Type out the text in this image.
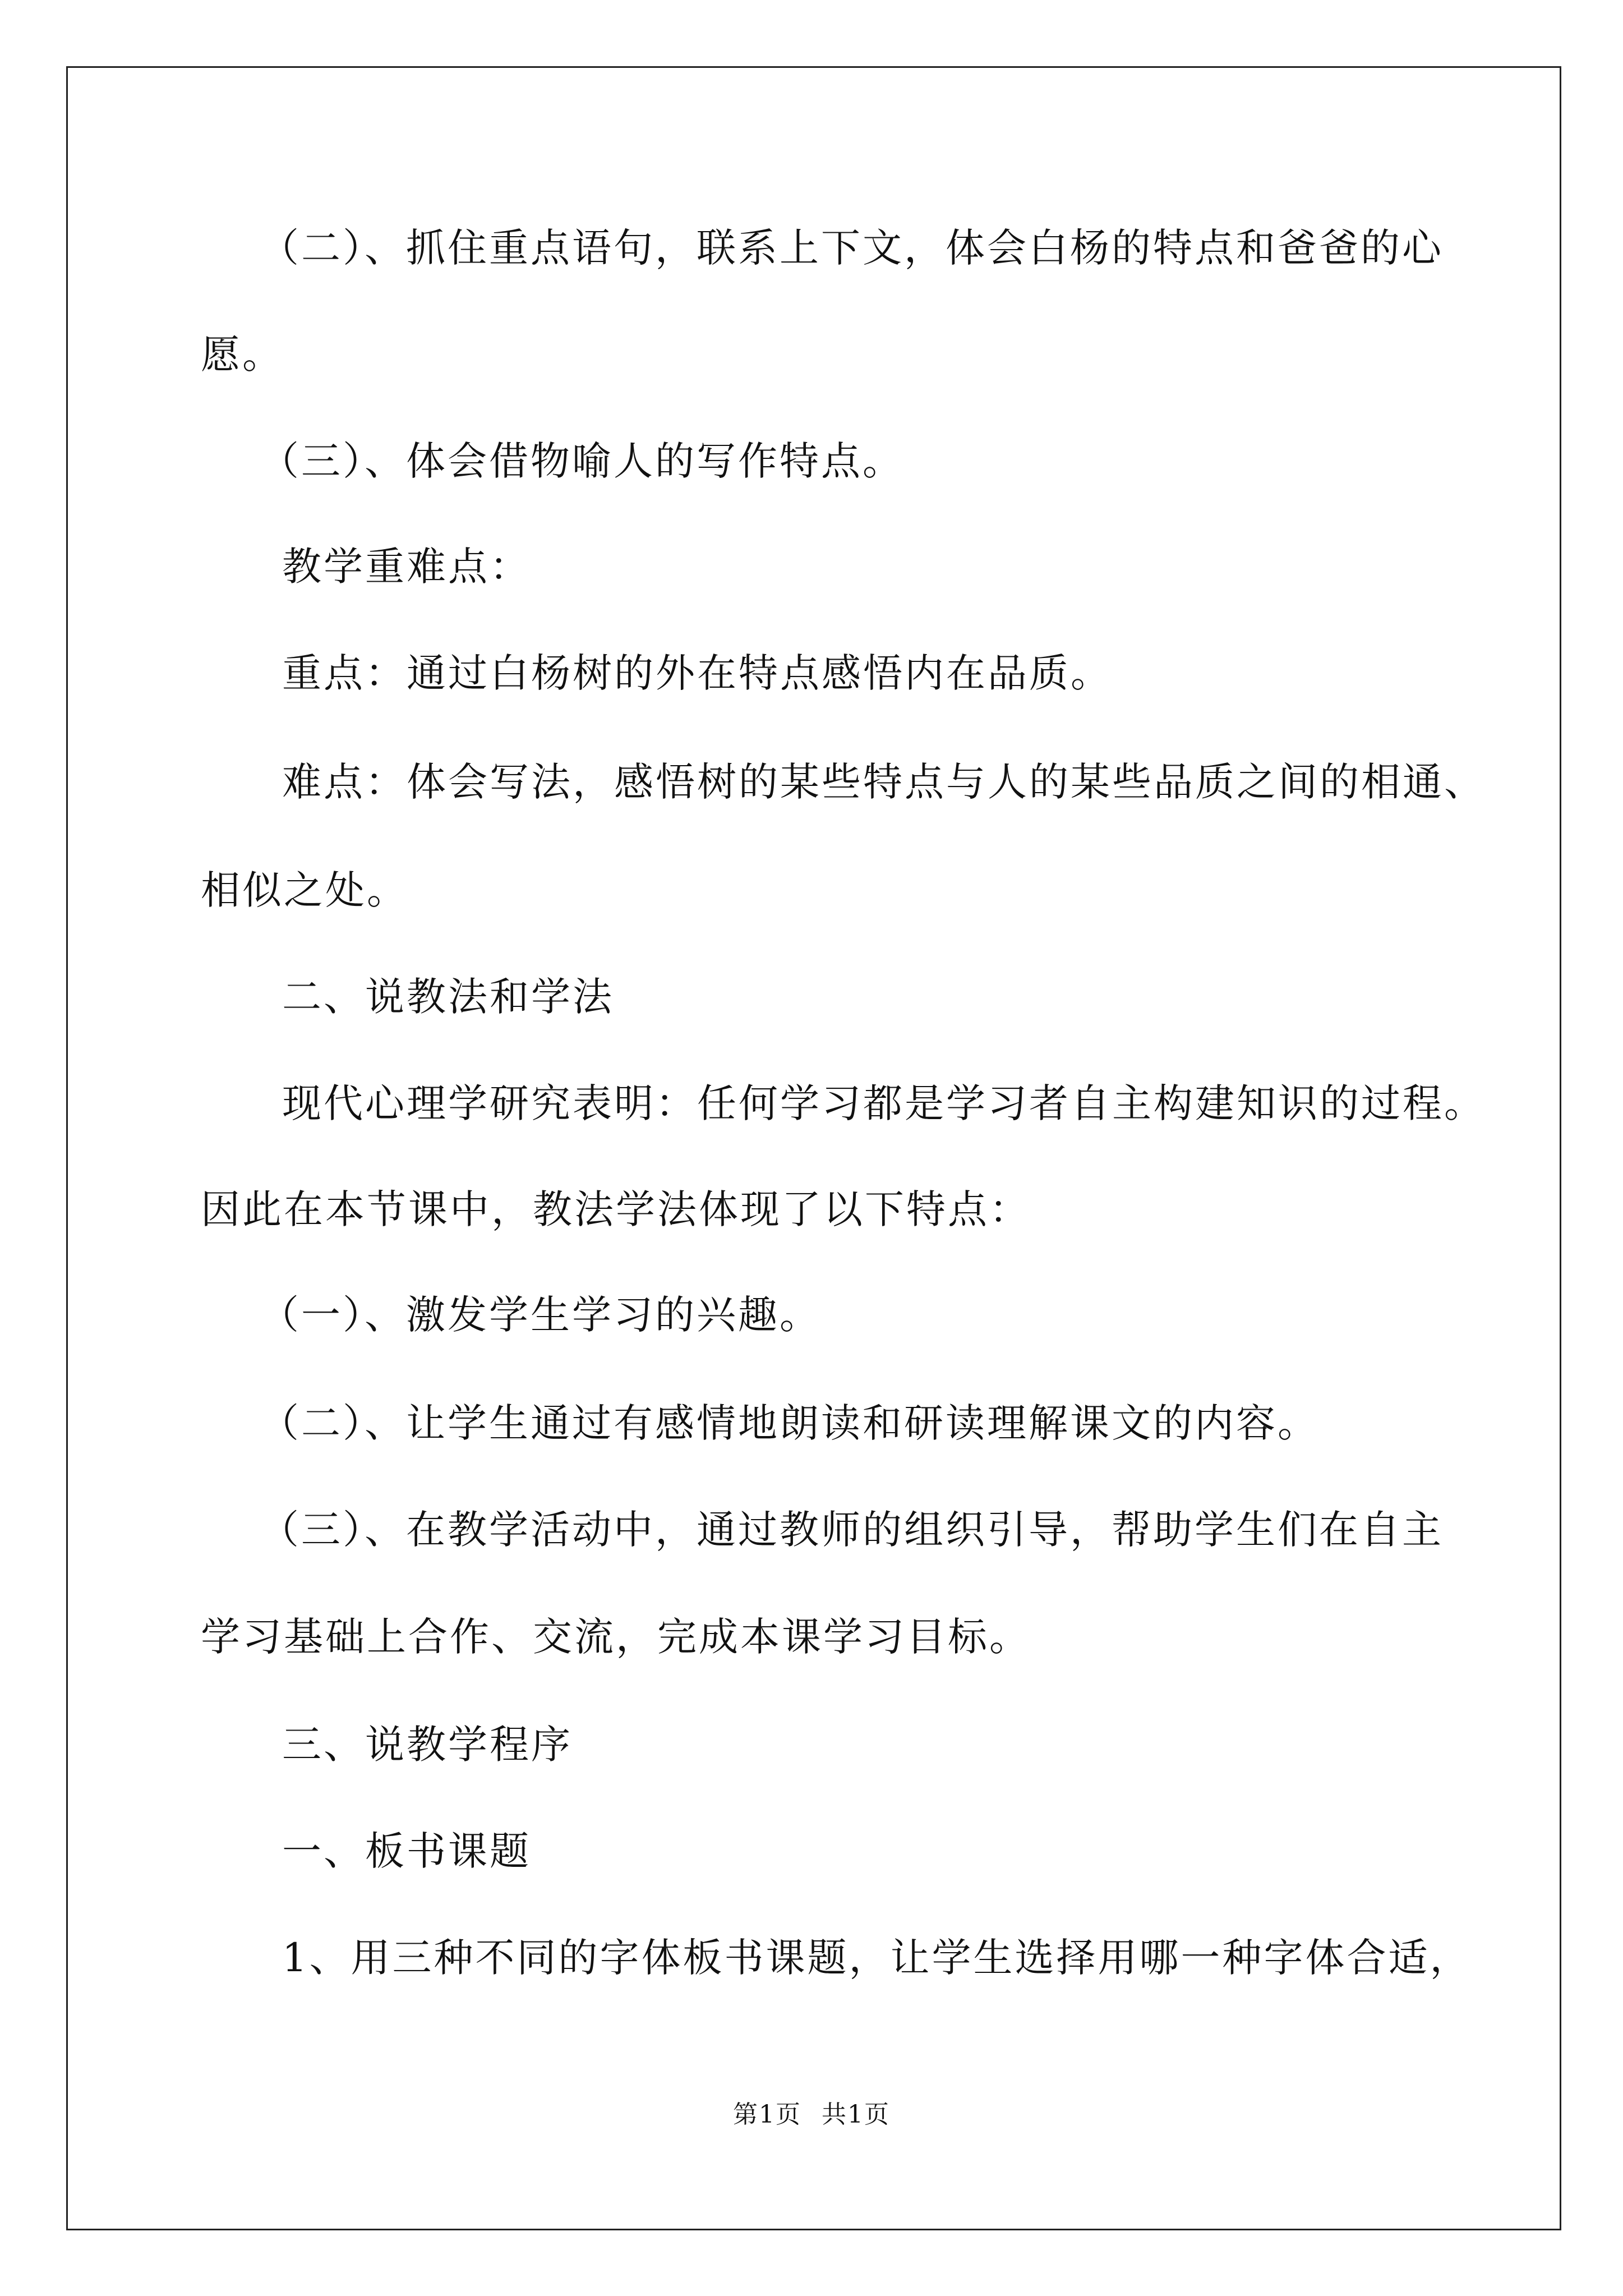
（二）、抓住重点语句，联系上下文，体会白杨的特点和爸爸的心
愿。
（三）、体会借物喻人的写作特点。
教学重难点：
重点：通过白杨树的外在特点感悟内在品质。
难点：体会写法，感悟树的某些特点与人的某些品质之间的相通、
相似之处。
二、说教法和学法
现代心理学研究表明：任何学习都是学习者自主构建知识的过程。
因此在本节课中，教法学法体现了以下特点：
（一）、激发学生学习的兴趣。
（二）、让学生通过有感情地朗读和研读理解课文的内容。
（三）、在教学活动中，通过教师的组织引导，帮助学生们在自主
学习基础上合作、交流，完成本课学习目标。
三、说教学程序
一、板书课题
1、用三种不同的字体板书课题，让学生选择用哪一种字体合适，
第1页 共1页
